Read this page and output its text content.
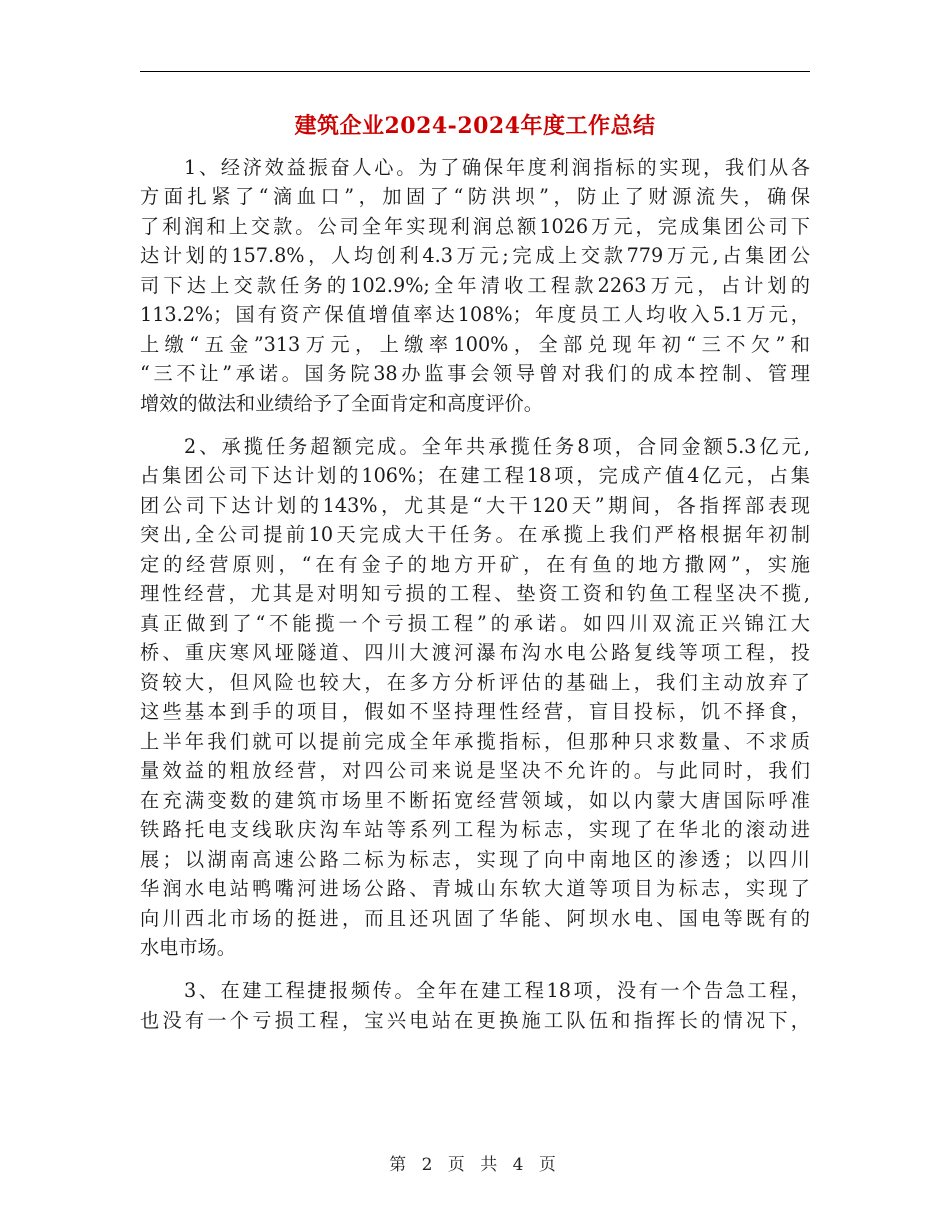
建筑企业2024-2024年度工作总结
1、经济效益振奋人心。为了确保年度利润指标的实现，我们从各
方面扎紧了“滴血口”，加固了“防洪坝”，防止了财源流失，确保
了利润和上交款。公司全年实现利润总额1026万元，完成集团公司下
达计划的157.8%，人均创利4.3万元;完成上交款779万元,占集团公
司下达上交款任务的102.9%;全年清收工程款2263万元，占计划的
113.2%；国有资产保值增值率达108%；年度员工人均收入5.1万元，
上缴“五金”313万元，上缴率100%，全部兑现年初“三不欠”和
“三不让”承诺。国务院38办监事会领导曾对我们的成本控制、管理
增效的做法和业绩给予了全面肯定和高度评价。
2、承揽任务超额完成。全年共承揽任务8项，合同金额5.3亿元,
占集团公司下达计划的106%；在建工程18项，完成产值4亿元，占集
团公司下达计划的143%，尤其是“大干120天”期间，各指挥部表现
突出,全公司提前10天完成大干任务。在承揽上我们严格根据年初制
定的经营原则，“在有金子的地方开矿，在有鱼的地方撒网”，实施
理性经营，尤其是对明知亏损的工程、垫资工资和钓鱼工程坚决不揽,
真正做到了“不能揽一个亏损工程”的承诺。如四川双流正兴锦江大
桥、重庆寒风垭隧道、四川大渡河瀑布沟水电公路复线等项工程，投
资较大，但风险也较大，在多方分析评估的基础上，我们主动放弃了
这些基本到手的项目，假如不坚持理性经营，盲目投标，饥不择食，
上半年我们就可以提前完成全年承揽指标，但那种只求数量、不求质
量效益的粗放经营，对四公司来说是坚决不允许的。与此同时，我们
在充满变数的建筑市场里不断拓宽经营领域，如以内蒙大唐国际呼准
铁路托电支线耿庆沟车站等系列工程为标志，实现了在华北的滚动进
展；以湖南高速公路二标为标志，实现了向中南地区的渗透；以四川
华润水电站鸭嘴河进场公路、青城山东软大道等项目为标志，实现了
向川西北市场的挺进，而且还巩固了华能、阿坝水电、国电等既有的
水电市场。
3、在建工程捷报频传。全年在建工程18项，没有一个告急工程，
也没有一个亏损工程，宝兴电站在更换施工队伍和指挥长的情况下，
第 2 页 共 4 页
